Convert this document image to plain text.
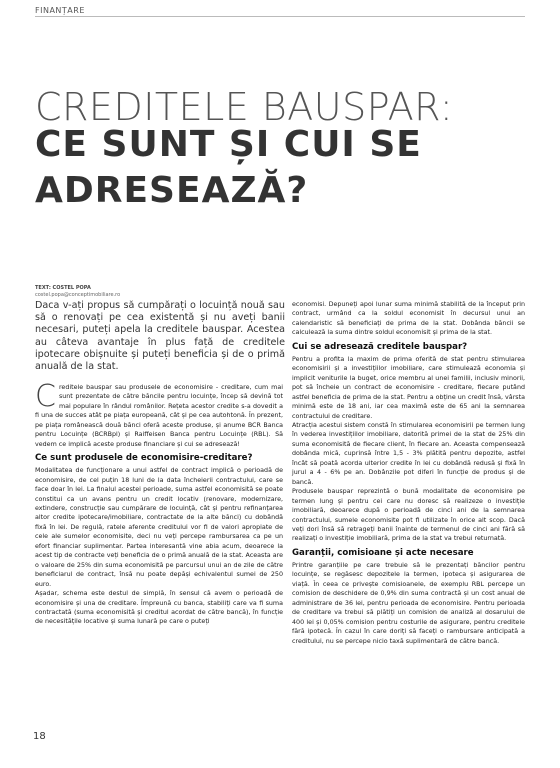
FINANȚARE
CREDITELE BAUSPAR:
CE SUNT ȘI CUI SE ADRESEAZĂ?
TEXT: COSTEL POPA
costel.popa@conceptimobiliare.ro
Daca v-ați propus să cumpărați o locuință nouă sau să o renovați pe cea existentă și nu aveți banii necesari, puteți apela la creditele bauspar. Acestea au câteva avantaje în plus față de creditele ipotecare obișnuite și puteți beneficia și de o primă anuală de la stat.

Creditele bauspar sau produsele de economisire - creditare, cum mai sunt prezentate de către băncile pentru locuințe, încep să devină tot mai populare în rândul românilor. Rețeta acestor credite s-a dovedit a fi una de succes atât pe piața europeană, cât și pe cea autohtonă. În prezent, pe piața românească două bănci oferă aceste produse, și anume BCR Banca pentru Locuințe (BCRBpl) și Raiffeisen Banca pentru Locuințe (RBL). Să vedem ce implică aceste produse financiare și cui se adresează!

Ce sunt produsele de economisire-creditare?

Modalitatea de funcționare a unui astfel de contract implică o perioadă de economisire, de cel puțin 18 luni de la data încheierii contractului, care se face doar în lei. La finalul acestei perioade, suma astfel economisită se poate constitui ca un avans pentru un credit locativ (renovare, modernizare, extindere, construcție sau cumpărare de locuință, cât și pentru refinanțarea altor credite ipotecare/imobiliare, contractate de la alte bănci) cu dobândă fixă în lei. De regulă, ratele aferente creditului vor fi de valori apropiate de cele ale sumelor economisite, deci nu veți percepe rambursarea ca pe un efort financiar suplimentar. Partea interesantă vine abia acum, deoarece la acest tip de contracte veți beneficia de o primă anuală de la stat. Aceasta are o valoare de 25% din suma economisită pe parcursul unui an de zile de către beneficiarul de contract, însă nu poate depăși echivalentul sumei de 250 euro.

Așadar, schema este destul de simplă, în sensul că avem o perioadă de economisire și una de creditare. Împreună cu banca, stabiliți care va fi suma contractată (suma economisită și creditul acordat de către bancă), în funcție de necesitățile locative și suma lunară pe care o puteți

economisi. Depuneți apoi lunar suma minimă stabilită de la început prin contract, urmând ca la soldul economisit în decursul unui an calendaristic să beneficiați de prima de la stat. Dobânda băncii se calculează la suma dintre soldul economisit și prima de la stat.

Cui se adresează creditele bauspar?

Pentru a profita la maxim de prima oferită de stat pentru stimularea economisirii și a investițiilor imobiliare, care stimulează economia și implicit veniturile la buget, orice membru al unei familii, inclusiv minorii, pot să încheie un contract de economisire - creditare, fiecare putând astfel beneficia de prima de la stat. Pentru a obține un credit însă, vârsta minimă este de 18 ani, iar cea maximă este de 65 ani la semnarea contractului de creditare.

Atracția acestui sistem constă în stimularea economisirii pe termen lung în vederea investițiilor imobiliare, datorită primei de la stat de 25% din suma economisită de fiecare client, în fiecare an. Aceasta compensează dobânda mică, cuprinsă între 1,5 - 3% plătită pentru depozite, astfel încât să poată acorda ulterior credite în lei cu dobândă redusă și fixă în jurul a 4 - 6% pe an. Dobânzile pot diferi în funcție de produs și de bancă.

Produsele bauspar reprezintă o bună modalitate de economisire pe termen lung și pentru cei care nu doresc să realizeze o investiție imobiliară, deoarece după o perioadă de cinci ani de la semnarea contractului, sumele economisite pot fi utilizate în orice alt scop. Dacă veți dori însă să retrageți banii înainte de termenul de cinci ani fără să realizați o investiție imobiliară, prima de la stat va trebui returnată.

Garanții, comisioane și acte necesare

Printre garanțiile pe care trebuie să le prezentați băncilor pentru locuințe, se regăsesc depozitele la termen, ipoteca și asigurarea de viață. În ceea ce privește comisioanele, de exemplu RBL percepe un comision de deschidere de 0,9% din suma contractă și un cost anual de administrare de 36 lei, pentru perioada de economisire. Pentru perioada de creditare va trebui să plătiți un comision de analiză al dosarului de 400 lei și 0,05% comision pentru costurile de asigurare, pentru creditele fără ipotecă. În cazul în care doriți să faceți o rambursare anticipată a creditului, nu se percepe nicio taxă suplimentară de către bancă.

18
